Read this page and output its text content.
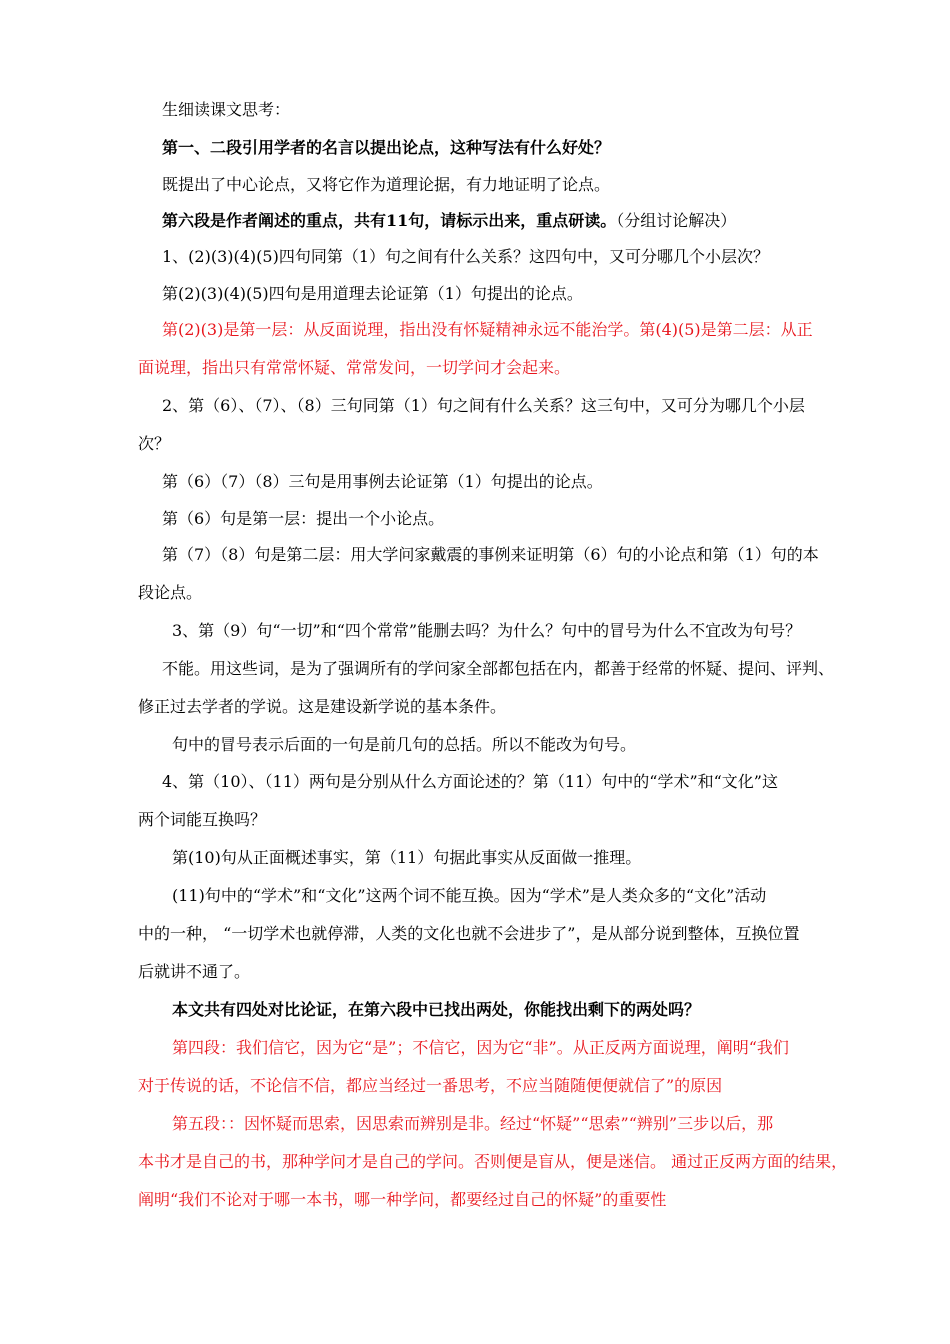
生细读课文思考：
第一、二段引用学者的名言以提出论点，这种写法有什么好处？
既提出了中心论点，又将它作为道理论据，有力地证明了论点。
第六段是作者阐述的重点，共有11句，请标示出来，重点研读。（分组讨论解决）
1、(2)(3)(4)(5)四句同第（1）句之间有什么关系？这四句中，又可分哪几个小层次？
第(2)(3)(4)(5)四句是用道理去论证第（1）句提出的论点。
第(2)(3)是第一层：从反面说理，指出没有怀疑精神永远不能治学。第(4)(5)是第二层：从正
面说理，指出只有常常怀疑、常常发问，一切学问才会起来。
2、第（6）、（7）、（8）三句同第（1）句之间有什么关系？这三句中，又可分为哪几个小层
次？
第（6）（7）（8）三句是用事例去论证第（1）句提出的论点。
第（6）句是第一层：提出一个小论点。
第（7）（8）句是第二层：用大学问家戴震的事例来证明第（6）句的小论点和第（1）句的本
段论点。
3、第（9）句“一切”和“四个常常”能删去吗？为什么？句中的冒号为什么不宜改为句号？
不能。用这些词，是为了强调所有的学问家全部都包括在内，都善于经常的怀疑、提问、评判、
修正过去学者的学说。这是建设新学说的基本条件。
句中的冒号表示后面的一句是前几句的总括。所以不能改为句号。
4、第（10）、（11）两句是分别从什么方面论述的？第（11）句中的“学术”和“文化”这
两个词能互换吗？
第(10)句从正面概述事实，第（11）句据此事实从反面做一推理。
(11)句中的“学术”和“文化”这两个词不能互换。因为“学术”是人类众多的“文化”活动
中的一种， “一切学术也就停滞，人类的文化也就不会进步了”，是从部分说到整体，互换位置
后就讲不通了。
本文共有四处对比论证，在第六段中已找出两处，你能找出剩下的两处吗？
第四段：我们信它，因为它“是”；不信它，因为它“非”。从正反两方面说理，阐明“我们
对于传说的话，不论信不信，都应当经过一番思考，不应当随随便便就信了”的原因
第五段：：因怀疑而思索，因思索而辨别是非。经过“怀疑”“思索”“辨别”三步以后，那
本书才是自己的书，那种学问才是自己的学问。否则便是盲从，便是迷信。 通过正反两方面的结果，
阐明“我们不论对于哪一本书，哪一种学问，都要经过自己的怀疑”的重要性
